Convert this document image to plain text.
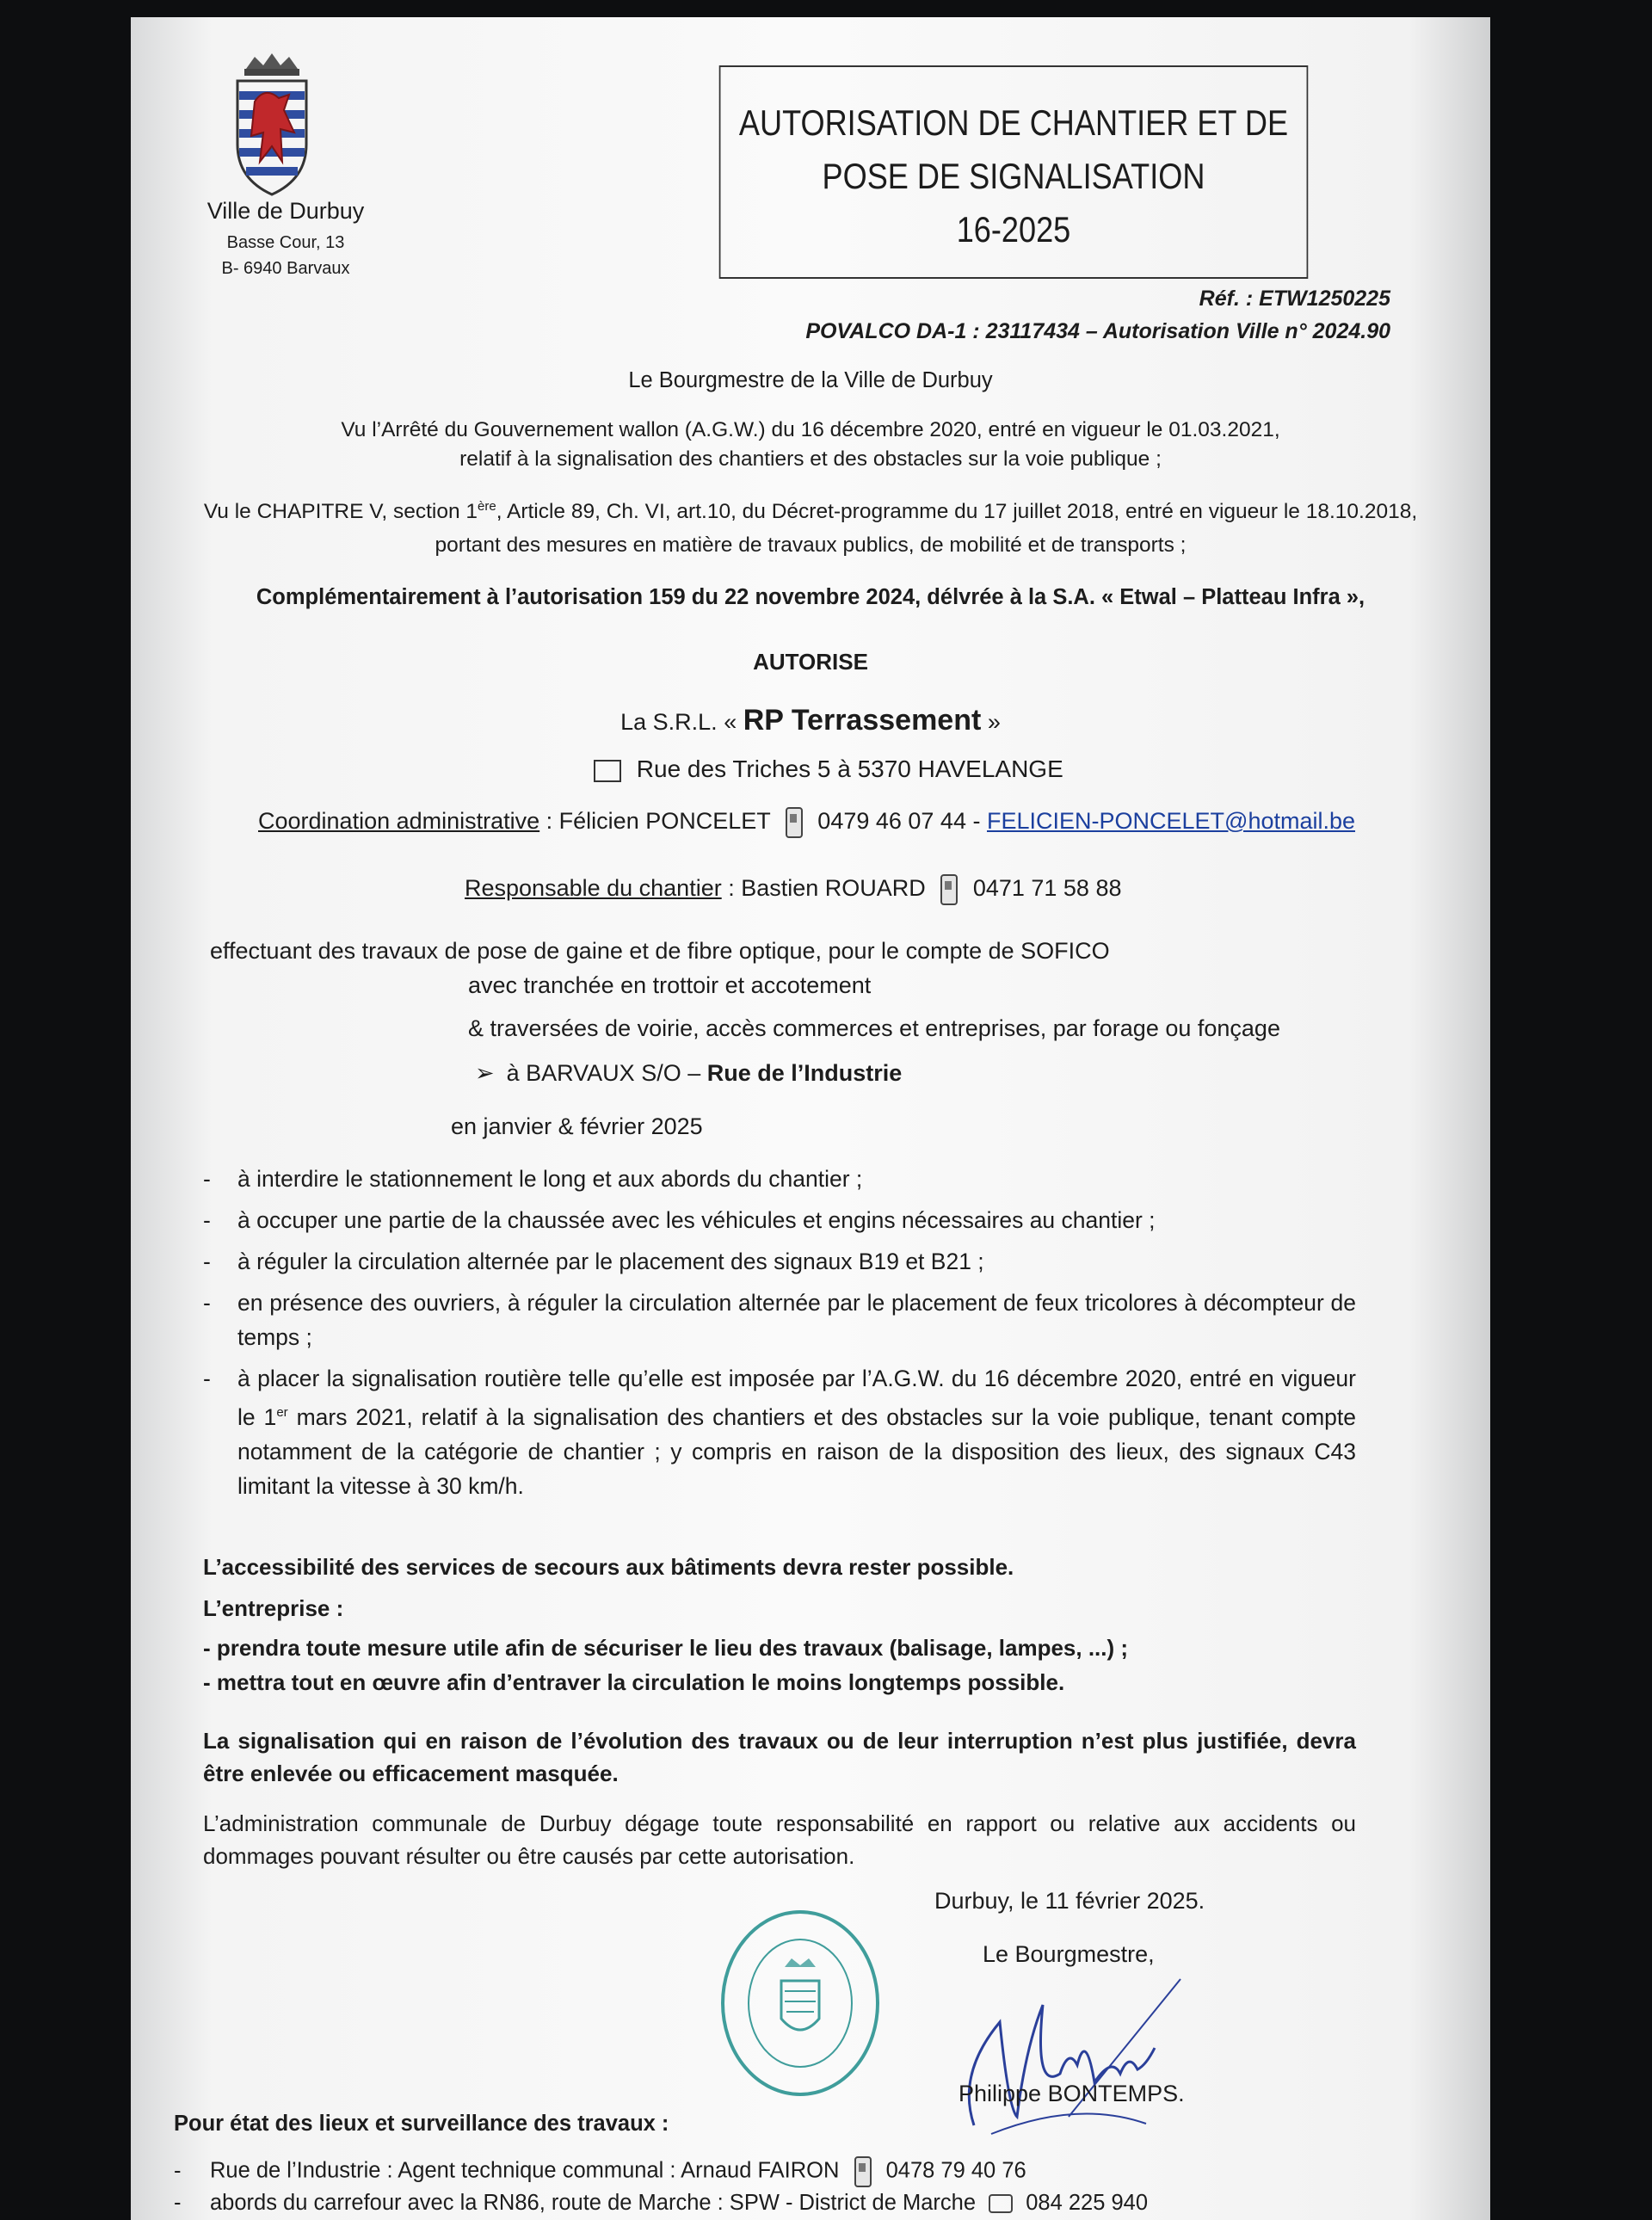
Ville de Durbuy
Basse Cour, 13
B- 6940 Barvaux
AUTORISATION DE CHANTIER ET DE
POSE DE SIGNALISATION
16-2025
Réf. : ETW1250225
POVALCO DA-1 : 23117434 – Autorisation Ville n° 2024.90
Le Bourgmestre de la Ville de Durbuy
Vu l’Arrêté du Gouvernement wallon (A.G.W.) du 16 décembre 2020, entré en vigueur le 01.03.2021,
relatif à la signalisation des chantiers et des obstacles sur la voie publique ;
Vu le CHAPITRE V, section 1ère, Article 89, Ch. VI, art.10, du Décret-programme du 17 juillet 2018, entré en vigueur le 18.10.2018,
portant des mesures en matière de travaux publics, de mobilité et de transports ;
Complémentairement à l’autorisation 159 du 22 novembre 2024, délvrée à la S.A. « Etwal – Platteau Infra »,
AUTORISE
La S.R.L. « RP Terrassement »
Rue des Triches 5 à 5370 HAVELANGE
Coordination administrative : Félicien PONCELET 0479 46 07 44 - FELICIEN-PONCELET@hotmail.be
Responsable du chantier : Bastien ROUARD 0471 71 58 88
effectuant des travaux de pose de gaine et de fibre optique, pour le compte de SOFICO
avec tranchée en trottoir et accotement
& traversées de voirie, accès commerces et entreprises, par forage ou fonçage
➢ à BARVAUX S/O – Rue de l’Industrie
en janvier & février 2025
-	à interdire le stationnement le long et aux abords du chantier ;
-	à occuper une partie de la chaussée avec les véhicules et engins nécessaires au chantier ;
-	à réguler la circulation alternée par le placement des signaux B19 et B21 ;
-	en présence des ouvriers, à réguler la circulation alternée par le placement de feux tricolores à décompteur de temps ;
-	à placer la signalisation routière telle qu’elle est imposée par l’A.G.W. du 16 décembre 2020, entré en vigueur le 1er mars 2021, relatif à la signalisation des chantiers et des obstacles sur la voie publique, tenant compte notamment de la catégorie de chantier ; y compris en raison de la disposition des lieux, des signaux C43 limitant la vitesse à 30 km/h.
L’accessibilité des services de secours aux bâtiments devra rester possible.
L’entreprise :
- prendra toute mesure utile afin de sécuriser le lieu des travaux (balisage, lampes, ...) ;
- mettra tout en œuvre afin d’entraver la circulation le moins longtemps possible.
La signalisation qui en raison de l’évolution des travaux ou de leur interruption n’est plus justifiée, devra être enlevée ou efficacement masquée.
L’administration communale de Durbuy dégage toute responsabilité en rapport ou relative aux accidents ou dommages pouvant résulter ou être causés par cette autorisation.
Durbuy, le 11 février 2025.
Le Bourgmestre,
Philippe BONTEMPS.
Pour état des lieux et surveillance des travaux :
- Rue de l’Industrie : Agent technique communal : Arnaud FAIRON 0478 79 40 76
- abords du carrefour avec la RN86, route de Marche : SPW - District de Marche 084 225 940
